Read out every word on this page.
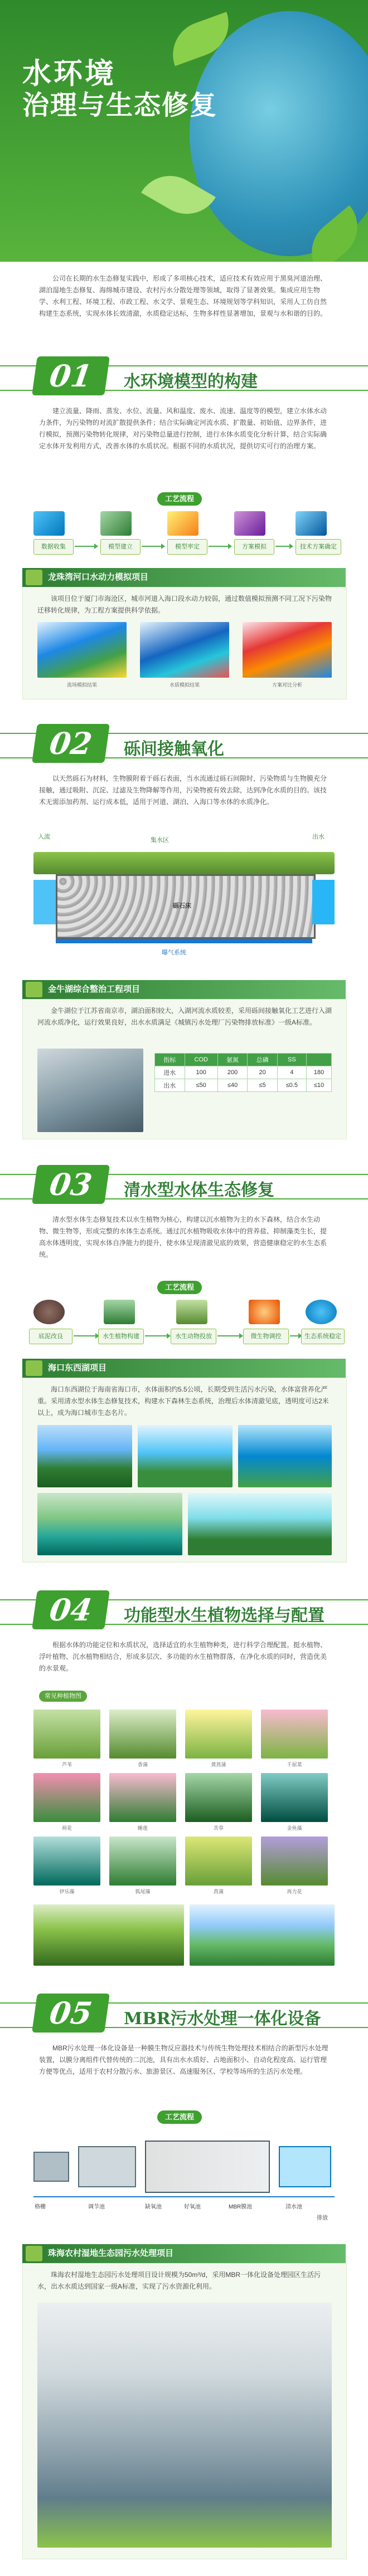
水环境
治理与生态修复
公司在长期的水生态修复实践中，形成了多项核心技术，适应技术有效应用于黑臭河道治理、湖泊湿地生态修复、海绵城市建设、农村污水分散处理等领域，取得了显著效果。集成应用生物学、水利工程、环境工程、市政工程、水文学、景观生态、环境规划等学科知识，采用人工仿自然构建生态系统，实现水体长效清澈，水质稳定达标，生物多样性显著增加，景观与水和谐的目的。
01	水环境模型的构建
建立流量、降雨、蒸发、水位、流量、风和温度、废水、流速、温度等的模型，建立水体水动力条件，为污染物的对流扩散提供条件；结合实际确定河流水质、扩散量、初始值、边界条件，进行模拟，预测污染物转化规律，对污染物总量进行控制，进行水体水质变化分析计算，结合实际确定水体开发利用方式，改善水体的水质状况。根据不同的水质状况，提供切实可行的治理方案。
工艺流程
数据收集	模型建立	模型率定	方案模拟	技术方案确定
龙珠湾河口水动力模拟项目
该项目位于厦门市海沧区，城市河道入海口段水动力较弱，通过数值模拟预测不同工况下污染物迁移转化规律，为工程方案提供科学依据。
流场模拟结果	水质模拟结果	方案对比分析
02	砾间接触氧化
以天然砾石为材料，生物膜附着于砾石表面，当水流通过砾石间隙时，污染物质与生物膜充分接触，通过吸附、沉淀、过滤及生物降解等作用，污染物被有效去除，达到净化水质的目的。该技术无需添加药剂、运行成本低，适用于河道、湖泊、入海口等水体的水质净化。
入流	集水区
砾石床
出水
曝气系统
金牛湖综合整治工程项目
金牛湖位于江苏省南京市，湖泊面积较大，入湖河流水质较差，采用砾间接触氧化工艺进行入湖河流水质净化，运行效果良好，出水水质满足《城镇污水处理厂污染物排放标准》一级A标准。
指标	COD	氨氮	总磷	SS	
进水	100	200	20	4	180
出水	≤50	≤40	≤5	≤0.5	≤10
03	清水型水体生态修复
清水型水体生态修复技术以水生植物为核心，构建以沉水植物为主的水下森林，结合水生动物、微生物等，形成完整的水体生态系统。通过沉水植物吸收水体中的营养盐、抑制藻类生长，提高水体透明度，实现水体自净能力的提升，使水体呈现清澈见底的效果，营造健康稳定的水生态系统。
工艺流程
底泥改良	水生植物构建	水生动物投放	微生物调控	生态系统稳定
海口东西湖项目
海口东西湖位于海南省海口市，水体面积约5.5公顷，长期受到生活污水污染，水体富营养化严重。采用清水型水体生态修复技术，构建水下森林生态系统，治理后水体清澈见底，透明度可达2米以上，成为海口城市生态名片。
04	功能型水生植物选择与配置
根据水体的功能定位和水质状况，选择适宜的水生植物种类，进行科学合理配置。挺水植物、浮叶植物、沉水植物相结合，形成多层次、多功能的水生植物群落，在净化水质的同时，营造优美的水景观。
常见种植物图
芦苇	香蒲	黄菖蒲	千屈菜
荷花	睡莲	苦草	金鱼藻
伊乐藻	狐尾藻	菖蒲	再力花
05	MBR污水处理一体化设备
MBR污水处理一体化设备是一种膜生物反应器技术与传统生物处理技术相结合的新型污水处理装置，以膜分离组件代替传统的二沉池，具有出水水质好、占地面积小、自动化程度高、运行管理方便等优点，适用于农村分散污水、旅游景区、高速服务区、学校等场所的生活污水处理。
工艺流程
格栅	调节池	缺氧池	好氧池	MBR膜池	清水池
排放
珠海农村湿地生态园污水处理项目
珠海农村湿地生态园污水处理项目设计规模为50m³/d，采用MBR一体化设备处理园区生活污水，出水水质达到国家一级A标准，实现了污水资源化利用。
